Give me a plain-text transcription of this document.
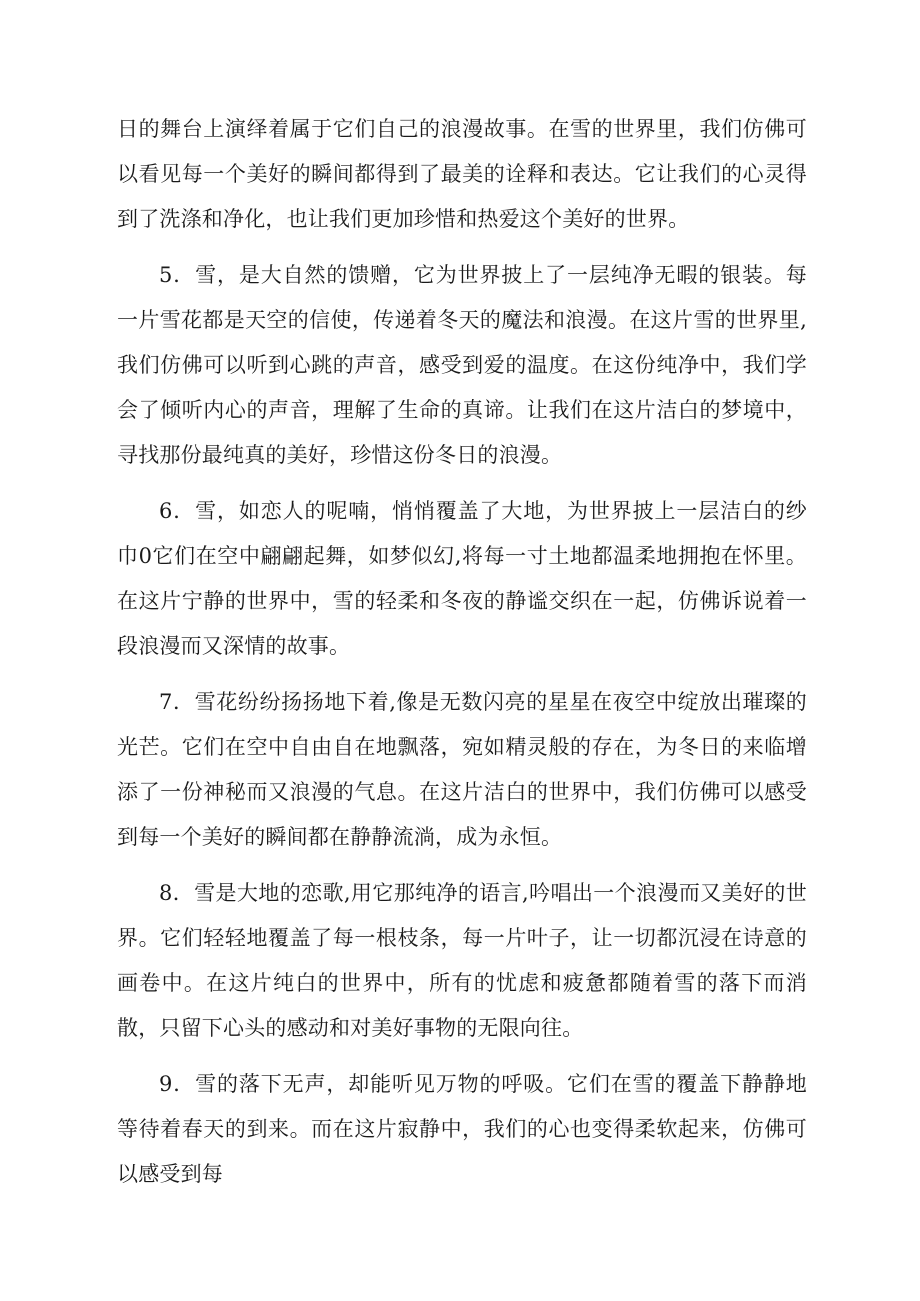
日的舞台上演绎着属于它们自己的浪漫故事。在雪的世界里，我们仿佛可以看见每一个美好的瞬间都得到了最美的诠释和表达。它让我们的心灵得到了洗涤和净化，也让我们更加珍惜和热爱这个美好的世界。

5．雪，是大自然的馈赠，它为世界披上了一层纯净无暇的银装。每一片雪花都是天空的信使，传递着冬天的魔法和浪漫。在这片雪的世界里,我们仿佛可以听到心跳的声音，感受到爱的温度。在这份纯净中，我们学会了倾听内心的声音，理解了生命的真谛。让我们在这片洁白的梦境中，寻找那份最纯真的美好，珍惜这份冬日的浪漫。

6．雪，如恋人的呢喃，悄悄覆盖了大地，为世界披上一层洁白的纱巾0它们在空中翩翩起舞，如梦似幻,将每一寸土地都温柔地拥抱在怀里。在这片宁静的世界中，雪的轻柔和冬夜的静谧交织在一起，仿佛诉说着一段浪漫而又深情的故事。

7．雪花纷纷扬扬地下着,像是无数闪亮的星星在夜空中绽放出璀璨的光芒。它们在空中自由自在地飘落，宛如精灵般的存在，为冬日的来临增添了一份神秘而又浪漫的气息。在这片洁白的世界中，我们仿佛可以感受到每一个美好的瞬间都在静静流淌，成为永恒。

8．雪是大地的恋歌,用它那纯净的语言,吟唱出一个浪漫而又美好的世界。它们轻轻地覆盖了每一根枝条，每一片叶子，让一切都沉浸在诗意的画卷中。在这片纯白的世界中，所有的忧虑和疲惫都随着雪的落下而消散，只留下心头的感动和对美好事物的无限向往。

9．雪的落下无声，却能听见万物的呼吸。它们在雪的覆盖下静静地等待着春天的到来。而在这片寂静中，我们的心也变得柔软起来，仿佛可以感受到每
